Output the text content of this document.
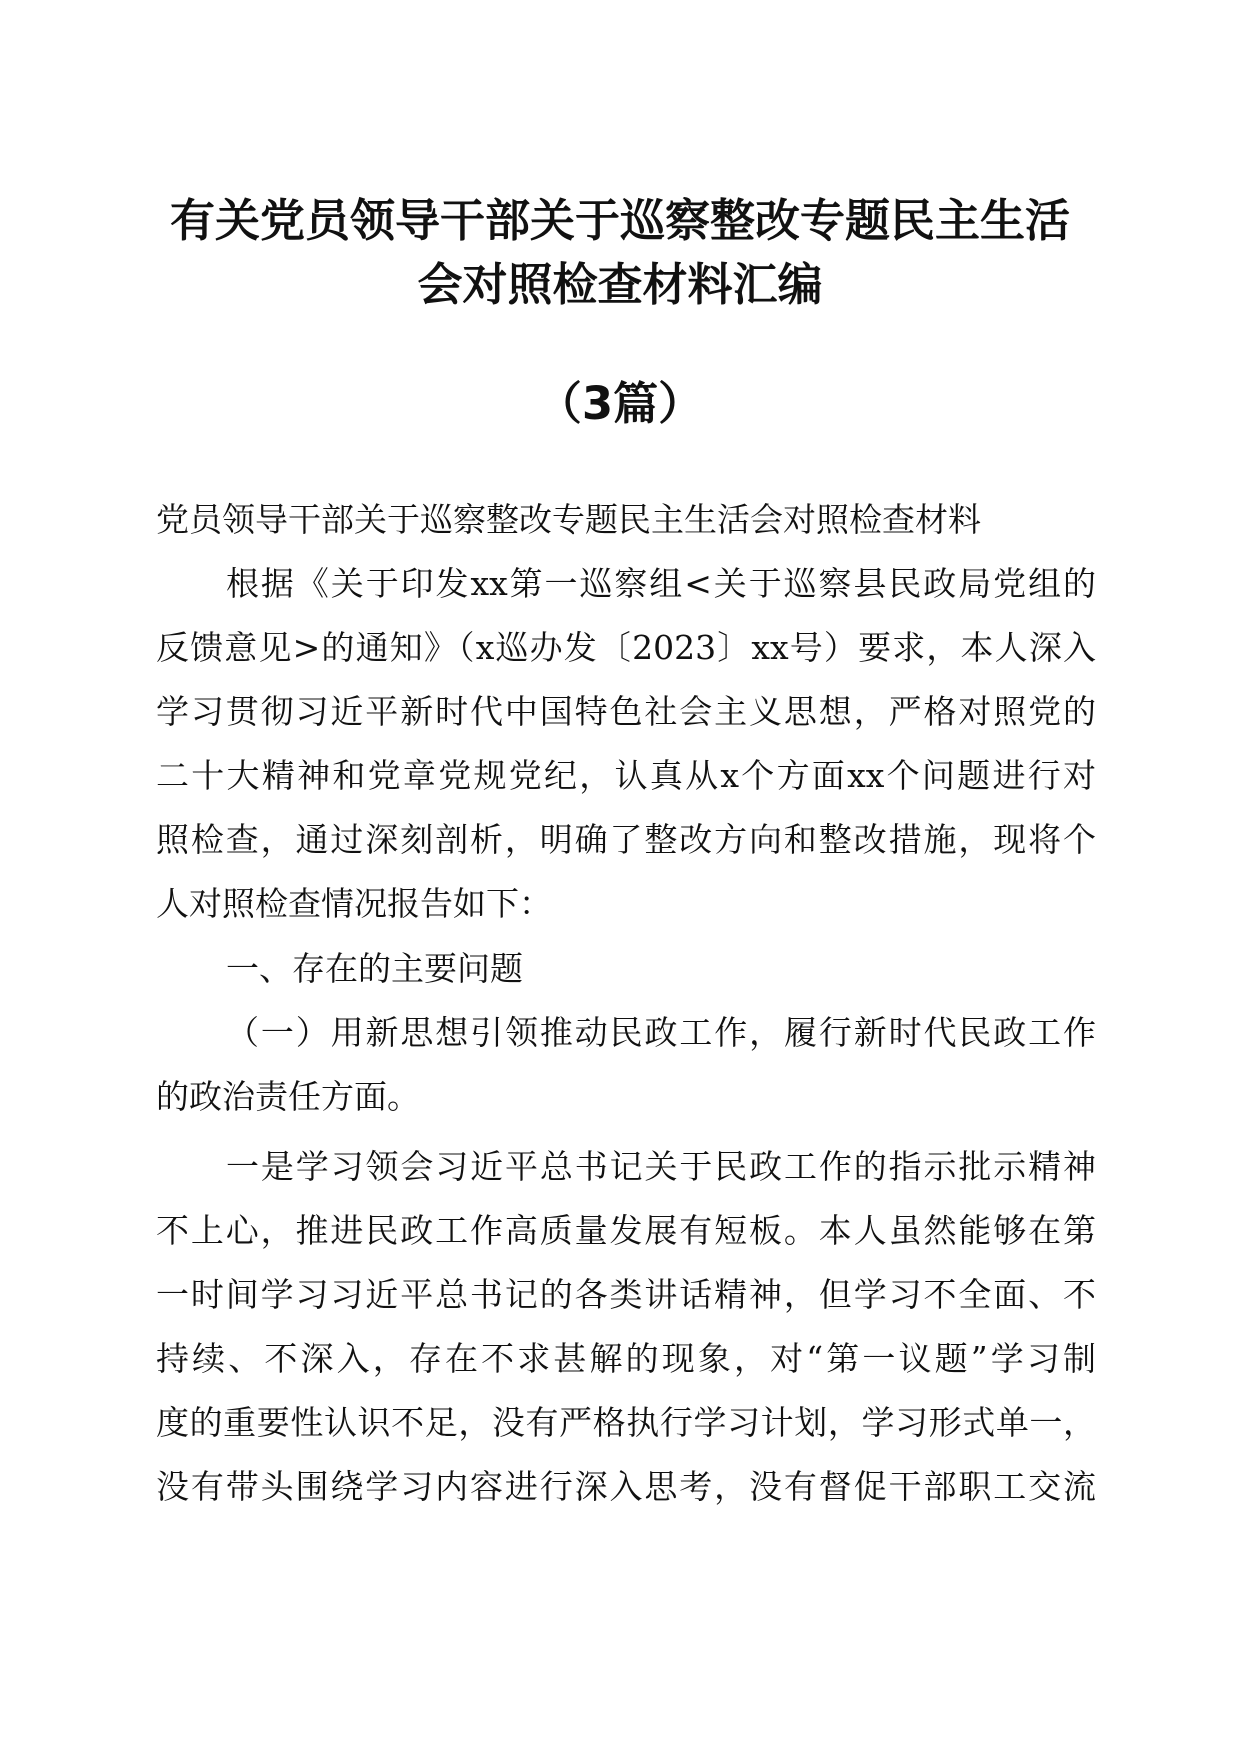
有关党员领导干部关于巡察整改专题民主生活
会对照检查材料汇编
（3篇）
党员领导干部关于巡察整改专题民主生活会对照检查材料
根据《关于印发xx第一巡察组<关于巡察县民政局党组的
反馈意见>的通知》（x巡办发〔2023〕xx号）要求，本人深入
学习贯彻习近平新时代中国特色社会主义思想，严格对照党的
二十大精神和党章党规党纪，认真从x个方面xx个问题进行对
照检查，通过深刻剖析，明确了整改方向和整改措施，现将个
人对照检查情况报告如下：
一、存在的主要问题
（一）用新思想引领推动民政工作，履行新时代民政工作
的政治责任方面。
一是学习领会习近平总书记关于民政工作的指示批示精神
不上心，推进民政工作高质量发展有短板。本人虽然能够在第
一时间学习习近平总书记的各类讲话精神，但学习不全面、不
持续、不深入，存在不求甚解的现象，对“第一议题”学习制
度的重要性认识不足，没有严格执行学习计划，学习形式单一，
没有带头围绕学习内容进行深入思考，没有督促干部职工交流
